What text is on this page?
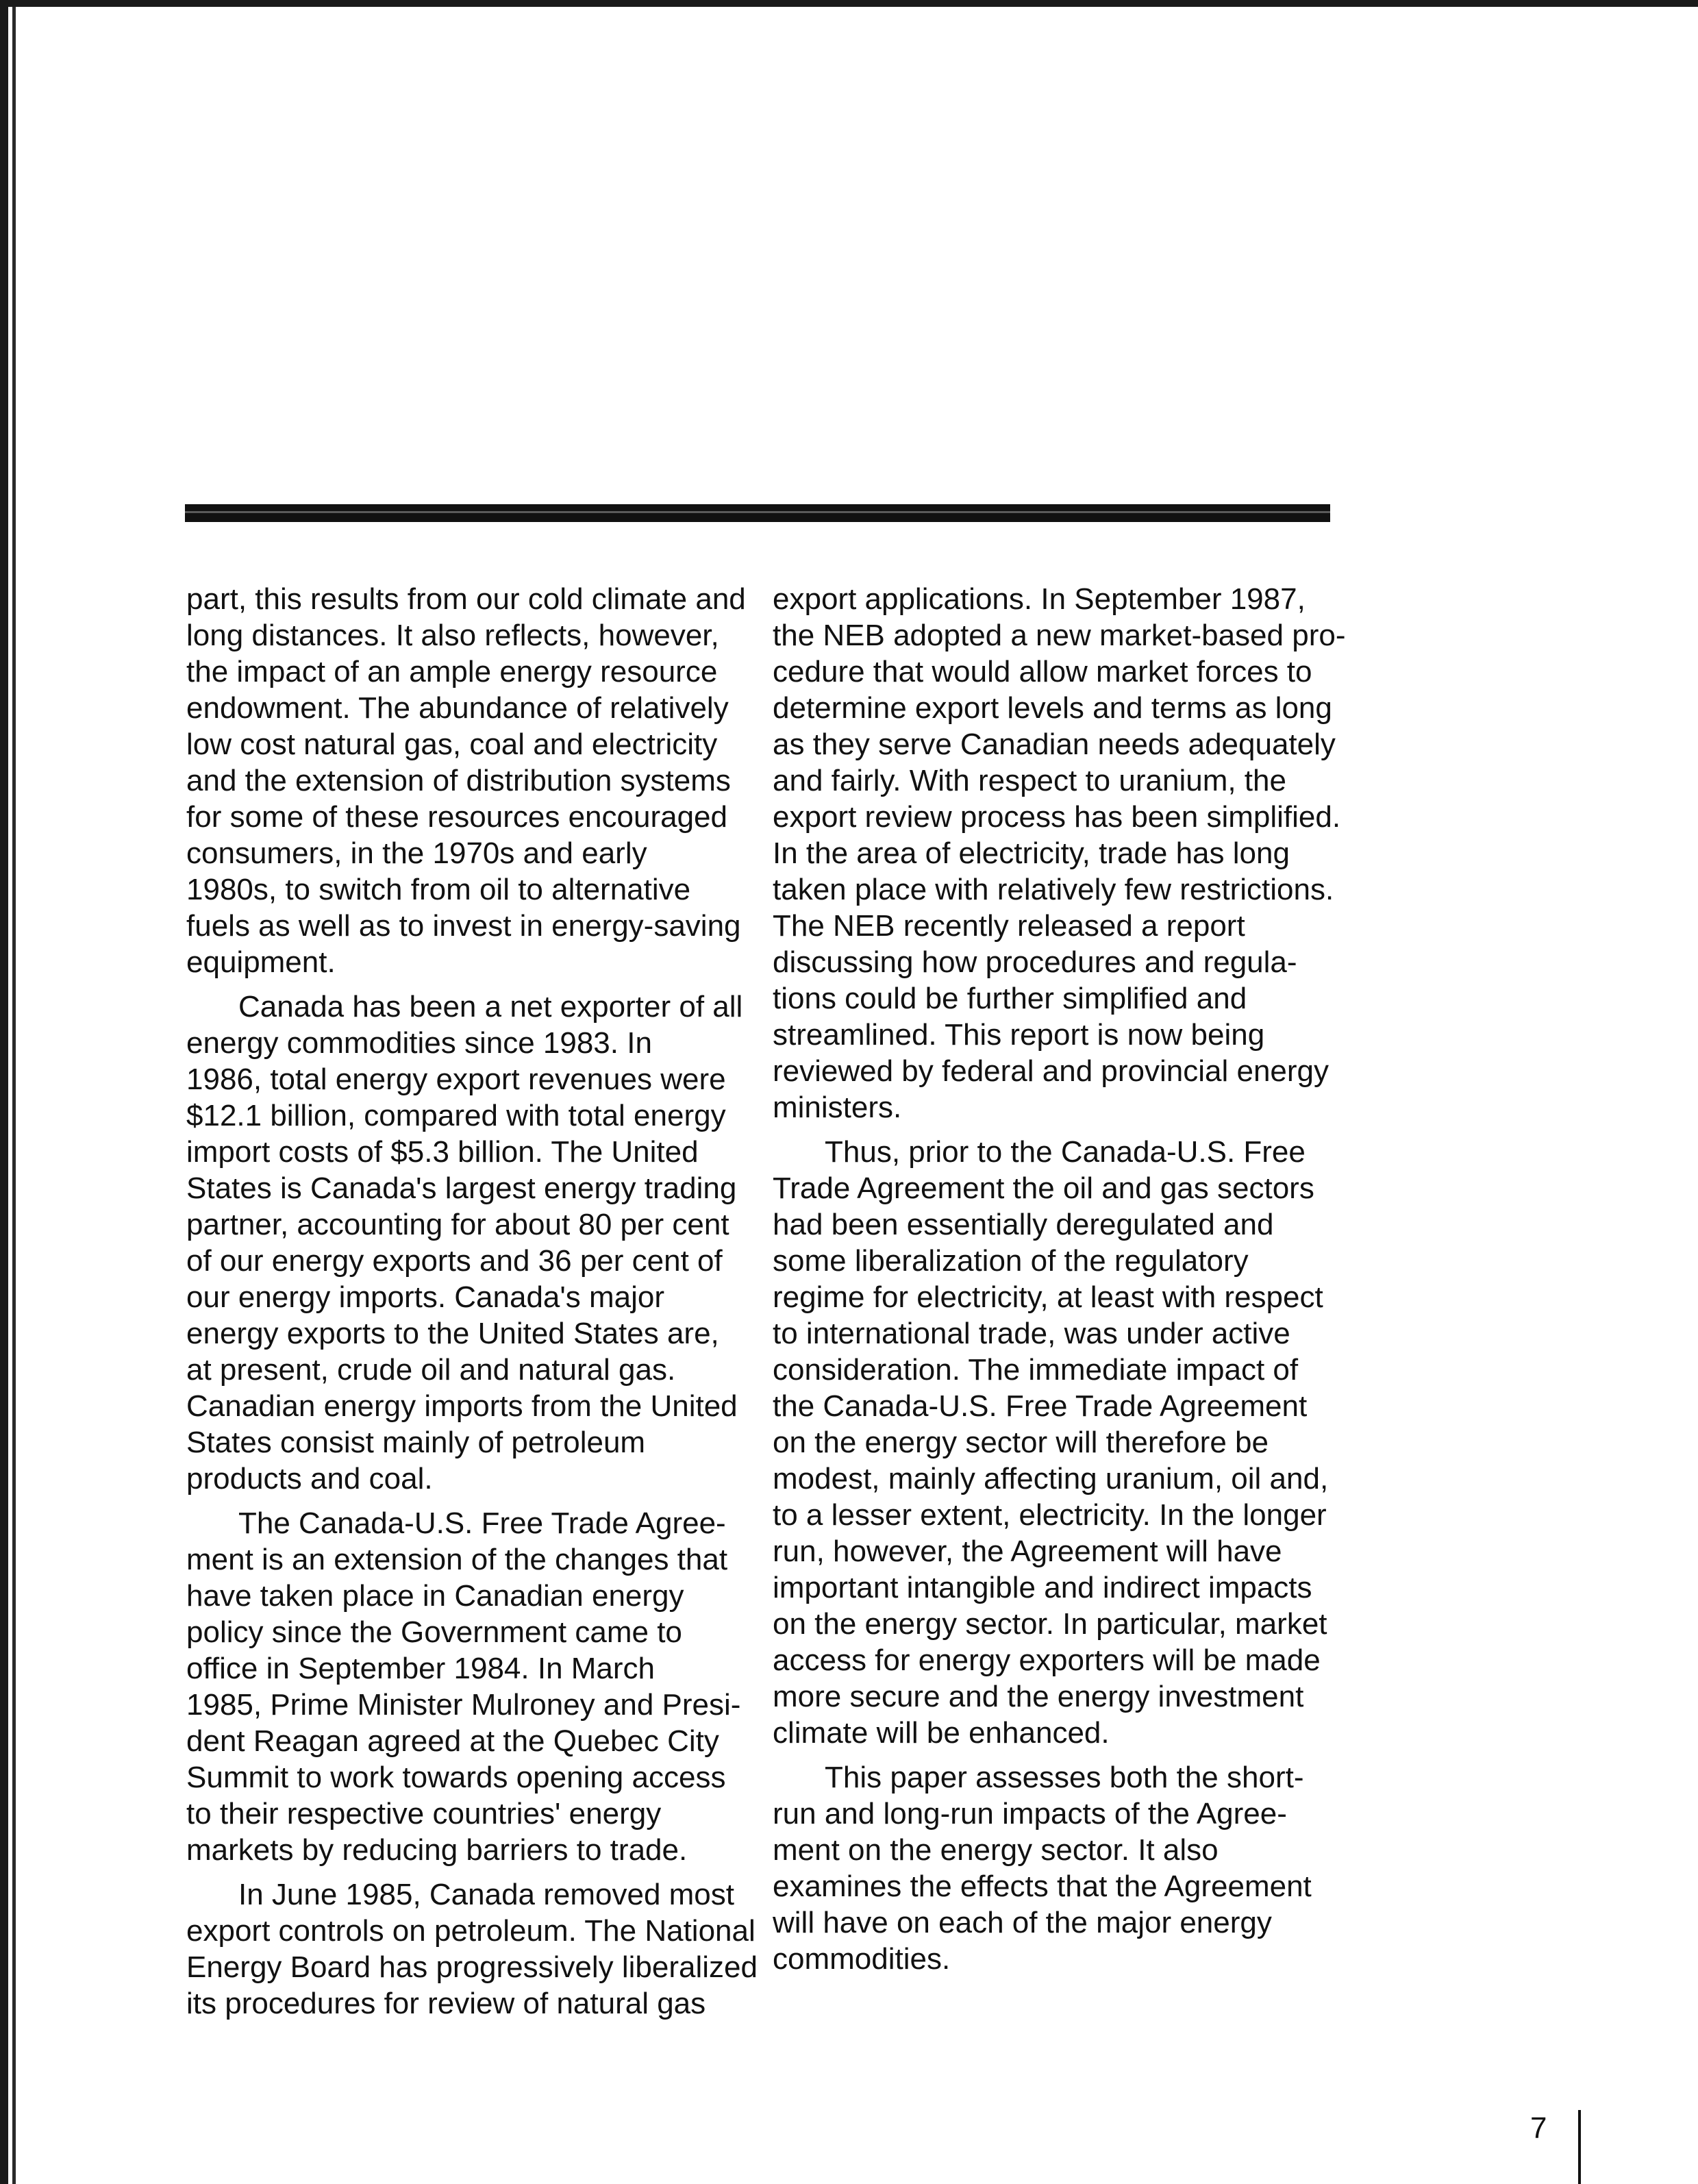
part, this results from our cold climate and
long distances. It also reflects, however,
the impact of an ample energy resource
endowment. The abundance of relatively
low cost natural gas, coal and electricity
and the extension of distribution systems
for some of these resources encouraged
consumers, in the 1970s and early
1980s, to switch from oil to alternative
fuels as well as to invest in energy-saving
equipment.

Canada has been a net exporter of all
energy commodities since 1983. In
1986, total energy export revenues were
$12.1 billion, compared with total energy
import costs of $5.3 billion. The United
States is Canada's largest energy trading
partner, accounting for about 80 per cent
of our energy exports and 36 per cent of
our energy imports. Canada's major
energy exports to the United States are,
at present, crude oil and natural gas.
Canadian energy imports from the United
States consist mainly of petroleum
products and coal.

The Canada-U.S. Free Trade Agree-
ment is an extension of the changes that
have taken place in Canadian energy
policy since the Government came to
office in September 1984. In March
1985, Prime Minister Mulroney and Presi-
dent Reagan agreed at the Quebec City
Summit to work towards opening access
to their respective countries' energy
markets by reducing barriers to trade.

In June 1985, Canada removed most
export controls on petroleum. The National
Energy Board has progressively liberalized
its procedures for review of natural gas

export applications. In September 1987,
the NEB adopted a new market-based pro-
cedure that would allow market forces to
determine export levels and terms as long
as they serve Canadian needs adequately
and fairly. With respect to uranium, the
export review process has been simplified.
In the area of electricity, trade has long
taken place with relatively few restrictions.
The NEB recently released a report
discussing how procedures and regula-
tions could be further simplified and
streamlined. This report is now being
reviewed by federal and provincial energy
ministers.

Thus, prior to the Canada-U.S. Free
Trade Agreement the oil and gas sectors
had been essentially deregulated and
some liberalization of the regulatory
regime for electricity, at least with respect
to international trade, was under active
consideration. The immediate impact of
the Canada-U.S. Free Trade Agreement
on the energy sector will therefore be
modest, mainly affecting uranium, oil and,
to a lesser extent, electricity. In the longer
run, however, the Agreement will have
important intangible and indirect impacts
on the energy sector. In particular, market
access for energy exporters will be made
more secure and the energy investment
climate will be enhanced.

This paper assesses both the short-
run and long-run impacts of the Agree-
ment on the energy sector. It also
examines the effects that the Agreement
will have on each of the major energy
commodities.

7
